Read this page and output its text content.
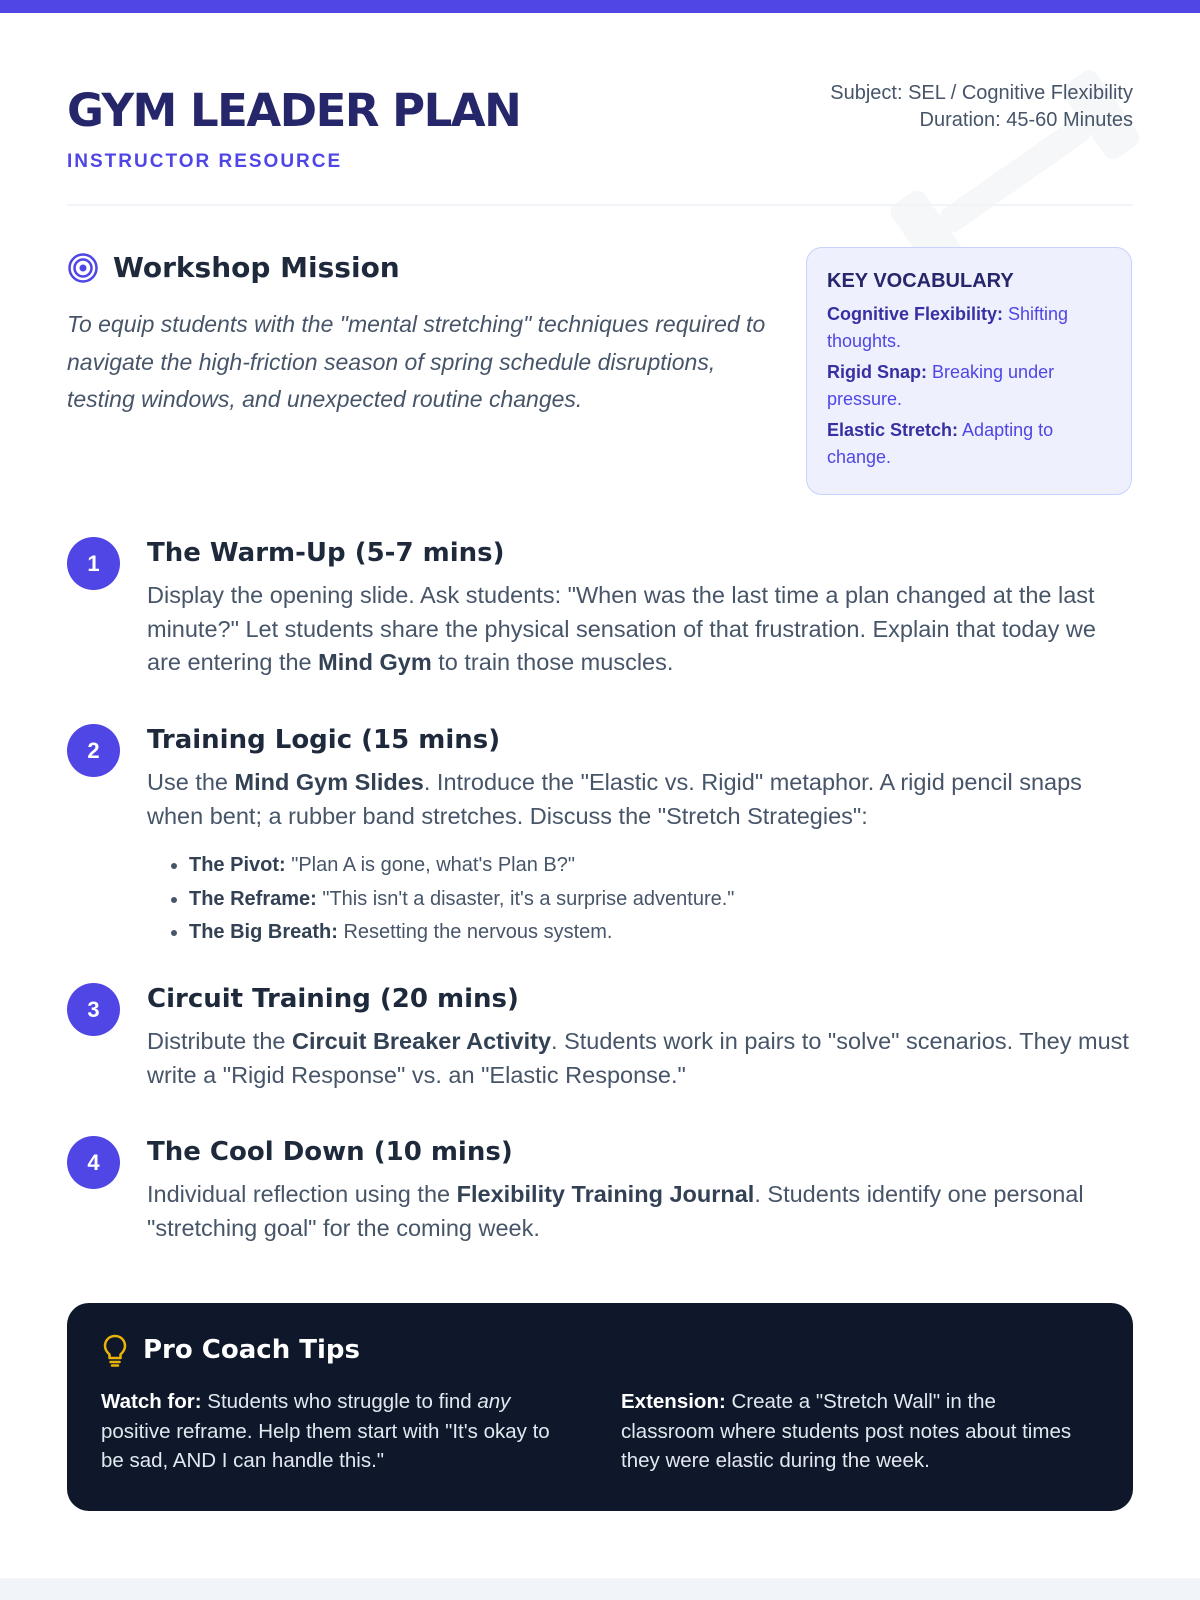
GYM LEADER PLAN
INSTRUCTOR RESOURCE
Subject: SEL / Cognitive Flexibility
Duration: 45-60 Minutes
Workshop Mission

To equip students with the "mental stretching" techniques required to navigate the high-friction season of spring schedule disruptions, testing windows, and unexpected routine changes.

KEY VOCABULARY

Cognitive Flexibility: Shifting thoughts.

Rigid Snap: Breaking under pressure.

Elastic Stretch: Adapting to change.

1	The Warm-Up (5-7 mins)

Display the opening slide. Ask students: "When was the last time a plan changed at the last minute?" Let students share the physical sensation of that frustration. Explain that today we are entering the Mind Gym to train those muscles.

2	Training Logic (15 mins)

Use the Mind Gym Slides. Introduce the "Elastic vs. Rigid" metaphor. A rigid pencil snaps when bent; a rubber band stretches. Discuss the "Stretch Strategies":

• The Pivot: "Plan A is gone, what's Plan B?"
• The Reframe: "This isn't a disaster, it's a surprise adventure."
• The Big Breath: Resetting the nervous system.
3	Circuit Training (20 mins)

Distribute the Circuit Breaker Activity. Students work in pairs to "solve" scenarios. They must write a "Rigid Response" vs. an "Elastic Response."

4	The Cool Down (10 mins)

Individual reflection using the Flexibility Training Journal. Students identify one personal "stretching goal" for the coming week.

Pro Coach Tips

Watch for: Students who struggle to find any positive reframe. Help them start with "It's okay to be sad, AND I can handle this."

Extension: Create a "Stretch Wall" in the classroom where students post notes about times they were elastic during the week.
